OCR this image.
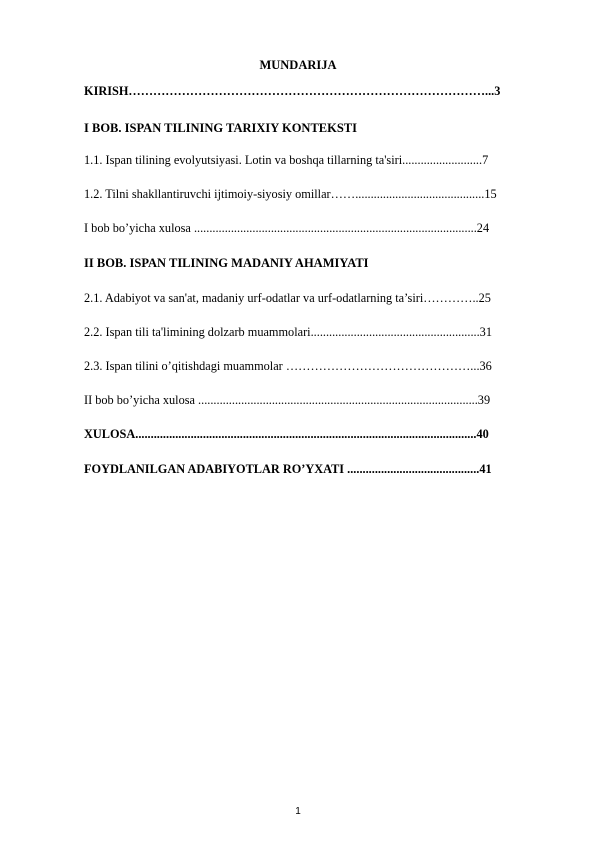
MUNDARIJA
KIRISH……………………………………………………………………………...3
I BOB. ISPAN TILINING TARIXIY KONTEKSTI
1.1. Ispan tilining evolyutsiyasi. Lotin va boshqa tillarning ta'siri..........................7
1.2. Tilni shakllantiruvchi ijtimoiy-siyosiy omillar……..........................................15
I bob bo’yicha xulosa ............................................................................................24
II BOB. ISPAN TILINING MADANIY AHAMIYATI
2.1. Adabiyot va san'at, madaniy urf-odatlar va urf-odatlarning ta’siri…………..25
2.2. Ispan tili ta'limining dolzarb muammolari.......................................................31
2.3. Ispan tilini o’qitishdagi muammolar ………………………………………...36
II bob bo’yicha xulosa ...........................................................................................39
XULOSA...............................................................................................................40
FOYDLANILGAN ADABIYOTLAR RO’YXATI ...........................................41
1
